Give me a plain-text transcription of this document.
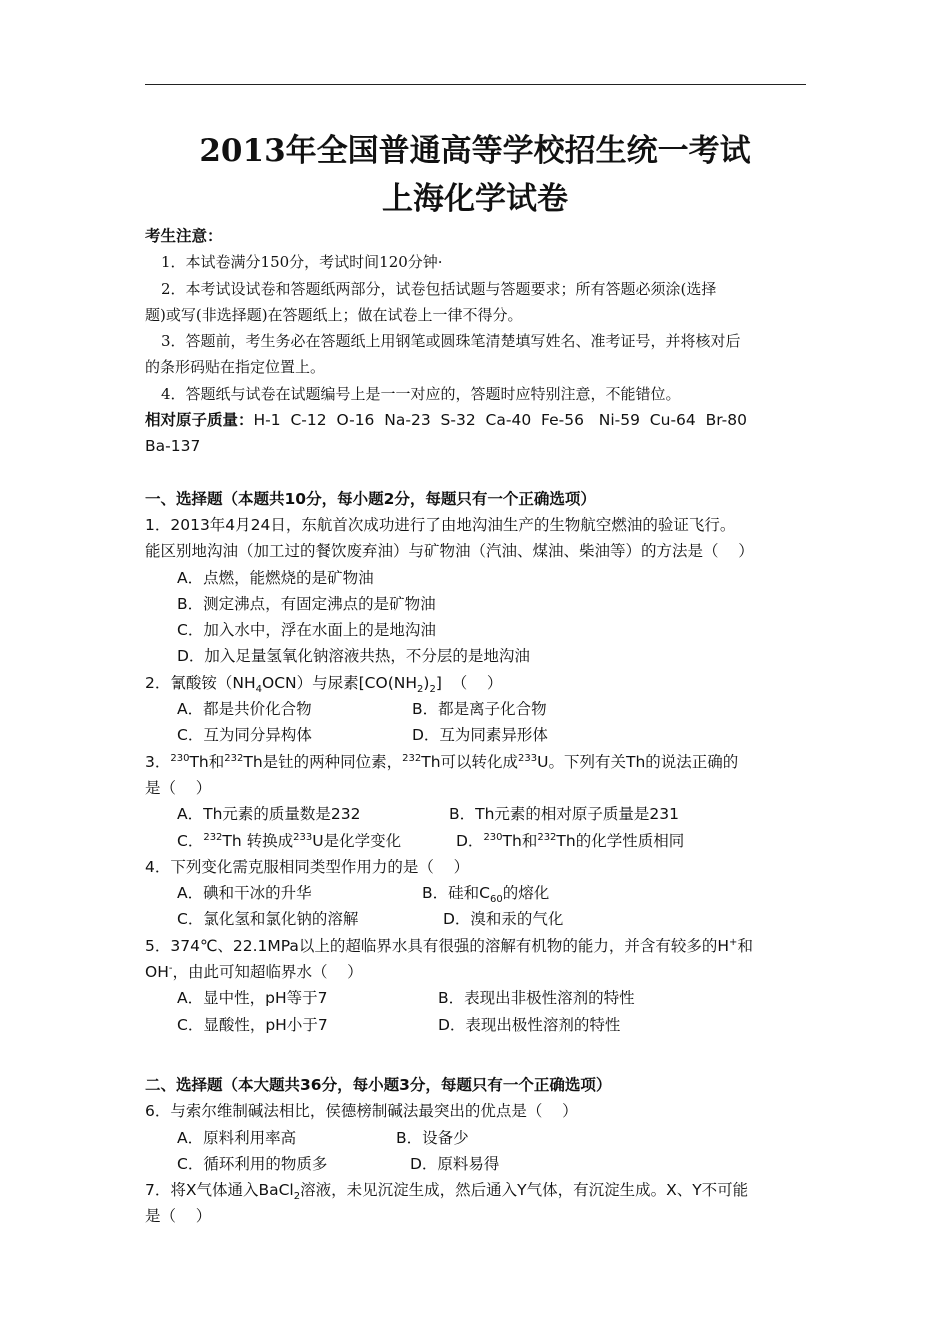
2013年全国普通高等学校招生统一考试
上海化学试卷
考生注意：
1．本试卷满分150分，考试时间120分钟·
2．本考试设试卷和答题纸两部分，试卷包括试题与答题要求；所有答题必须涂(选择
题)或写(非选择题)在答题纸上；做在试卷上一律不得分。
3．答题前，考生务必在答题纸上用钢笔或圆珠笔清楚填写姓名、准考证号，并将核对后
的条形码贴在指定位置上。
4．答题纸与试卷在试题编号上是一一对应的，答题时应特别注意，不能错位。
相对原子质量：H-1  C-12  O-16  Na-23  S-32  Ca-40  Fe-56   Ni-59  Cu-64  Br-80
Ba-137
一、选择题（本题共10分，每小题2分，每题只有一个正确选项）
1．2013年4月24日，东航首次成功进行了由地沟油生产的生物航空燃油的验证飞行。
能区别地沟油（加工过的餐饮废弃油）与矿物油（汽油、煤油、柴油等）的方法是（    ）
A．点燃，能燃烧的是矿物油
B．测定沸点，有固定沸点的是矿物油
C．加入水中，浮在水面上的是地沟油
D．加入足量氢氧化钠溶液共热，不分层的是地沟油
2．氰酸铵$(NH_4OCN)$与尿素$[CO(NH_2)_2]$  （    ）
A．都是共价化合物	B．都是离子化合物
C．互为同分异构体	D．互为同素异形体
3．$^{230}$Th和$^{232}$Th是钍的两种同位素，$^{232}$Th可以转化成$^{233}$U。下列有关Th的说法正确的
是（    ）
A．Th元素的质量数是232	B．Th元素的相对原子质量是231
C．$^{232}$Th 转换成$^{233}$U是化学变化	D．$^{230}$Th和$^{232}$Th的化学性质相同
4．下列变化需克服相同类型作用力的是（    ）
A．碘和干冰的升华	B．硅和$C_{60}$的熔化
C．氯化氢和氯化钠的溶解	D．溴和汞的气化
5．374℃、22.1MPa以上的超临界水具有很强的溶解有机物的能力，并含有较多的H+和
OH-，由此可知超临界水（    ）
A．显中性，pH等于7	B．表现出非极性溶剂的特性
C．显酸性，pH小于7	D．表现出极性溶剂的特性
二、选择题（本大题共36分，每小题3分，每题只有一个正确选项）
6．与索尔维制碱法相比，侯德榜制碱法最突出的优点是（    ）
A．原料利用率高	B．设备少
C．循环利用的物质多	D．原料易得
7．将X气体通入BaCl$_2$溶液，未见沉淀生成，然后通入Y气体，有沉淀生成。X、Y不可能
是（    ）
